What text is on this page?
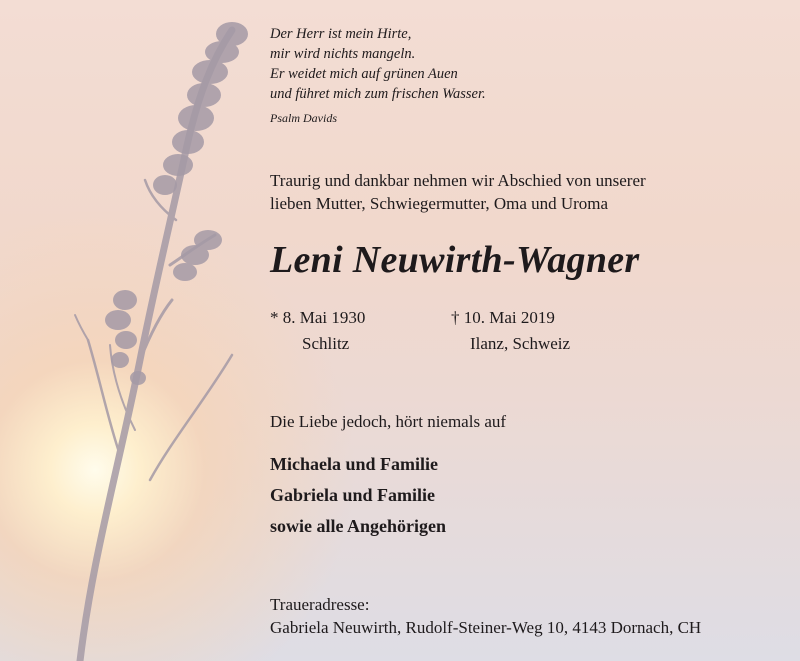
Der Herr ist mein Hirte,
mir wird nichts mangeln.
Er weidet mich auf grünen Auen
und führet mich zum frischen Wasser.

Psalm Davids

Traurig und dankbar nehmen wir Abschied von unserer
lieben Mutter, Schwiegermutter, Oma und Uroma
Leni Neuwirth-Wagner
* 8. Mai 1930
Schlitz
† 10. Mai 2019
Ilanz, Schweiz

Die Liebe jedoch, hört niemals auf

Michaela und Familie
Gabriela und Familie
sowie alle Angehörigen
Traueradresse:
Gabriela Neuwirth, Rudolf-Steiner-Weg 10, 4143 Dornach, CH
